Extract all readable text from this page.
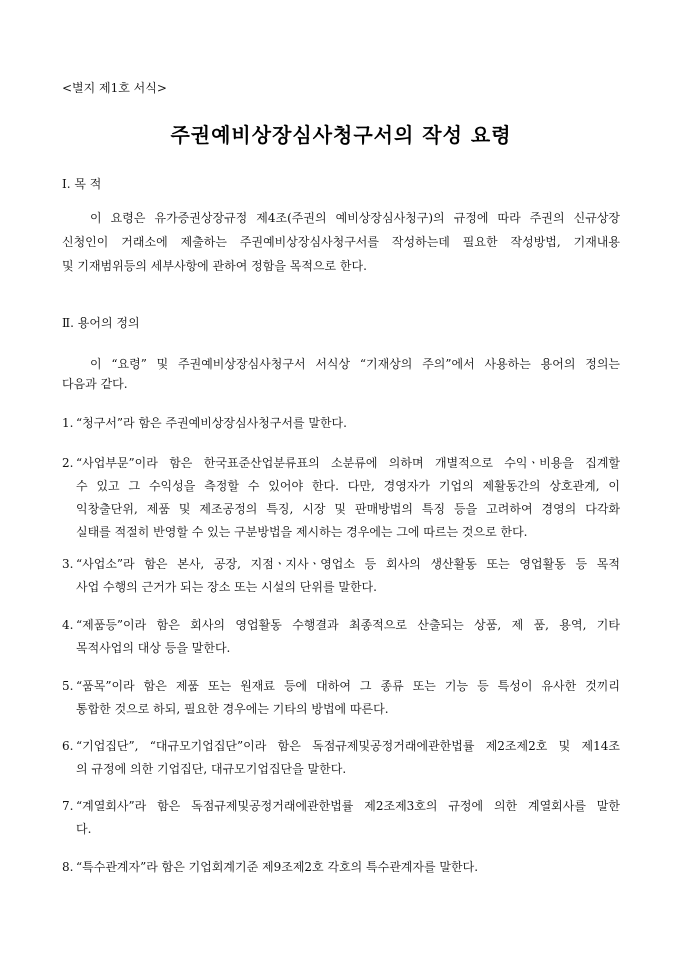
<별지 제1호 서식>
주권예비상장심사청구서의 작성 요령
Ⅰ. 목 적
이 요령은 유가증권상장규정 제4조(주권의 예비상장심사청구)의 규정에 따라 주권의 신규상장
신청인이 거래소에 제출하는 주권예비상장심사청구서를 작성하는데 필요한 작성방법, 기재내용
및 기재범위등의 세부사항에 관하여 정함을 목적으로 한다.
Ⅱ. 용어의 정의
이 “요령” 및 주권예비상장심사청구서 서식상 “기재상의 주의”에서 사용하는 용어의 정의는
다음과 같다.
1. “청구서”라 함은 주권예비상장심사청구서를 말한다.
2. “사업부문”이라 함은 한국표준산업분류표의 소분류에 의하며 개별적으로 수익ㆍ비용을 집계할
수 있고 그 수익성을 측정할 수 있어야 한다. 다만, 경영자가 기업의 제활동간의 상호관계, 이
익창출단위, 제품 및 제조공정의 특징, 시장 및 판매방법의 특징 등을 고려하여 경영의 다각화
실태를 적절히 반영할 수 있는 구분방법을 제시하는 경우에는 그에 따르는 것으로 한다.
3. “사업소”라 함은 본사, 공장, 지점ㆍ지사ㆍ영업소 등 회사의 생산활동 또는 영업활동 등 목적
사업 수행의 근거가 되는 장소 또는 시설의 단위를 말한다.
4. “제품등”이라 함은 회사의 영업활동 수행결과 최종적으로 산출되는 상품, 제 품, 용역, 기타
목적사업의 대상 등을 말한다.
5. “품목”이라 함은 제품 또는 원재료 등에 대하여 그 종류 또는 기능 등 특성이 유사한 것끼리
통합한 것으로 하되, 필요한 경우에는 기타의 방법에 따른다.
6. “기업집단”, “대규모기업집단”이라 함은 독점규제및공정거래에관한법률 제2조제2호 및 제14조
의 규정에 의한 기업집단, 대규모기업집단을 말한다.
7. “계열회사”라 함은 독점규제및공정거래에관한법률 제2조제3호의 규정에 의한 계열회사를 말한
다.
8. “특수관계자”라 함은 기업회계기준 제9조제2호 각호의 특수관계자를 말한다.
